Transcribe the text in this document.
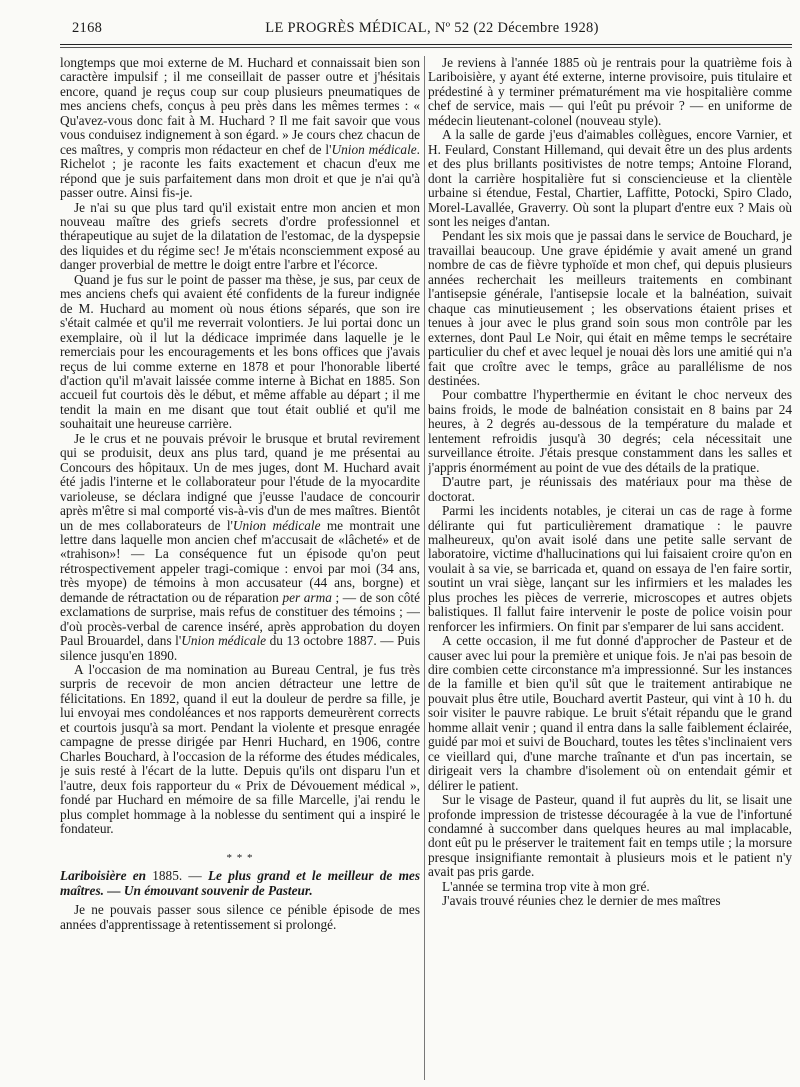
2168	LE PROGRÈS MÉDICAL, Nº 52 (22 Décembre 1928)

longtemps que moi externe de M. Huchard et connaissait bien son caractère impulsif ; il me conseillait de passer outre et j'hésitais encore, quand je reçus coup sur coup plusieurs pneumatiques de mes anciens chefs, conçus à peu près dans les mêmes termes : « Qu'avez-vous donc fait à M. Huchard ? Il me fait savoir que vous vous conduisez indignement à son égard. » Je cours chez chacun de ces maîtres, y compris mon rédacteur en chef de l'Union médicale. Richelot ; je raconte les faits exactement et chacun d'eux me répond que je suis parfaitement dans mon droit et que je n'ai qu'à passer outre. Ainsi fis-je.

Je n'ai su que plus tard qu'il existait entre mon ancien et mon nouveau maître des griefs secrets d'ordre professionnel et thérapeutique au sujet de la dilatation de l'estomac, de la dyspepsie des liquides et du régime sec! Je m'étais nconsciemment exposé au danger proverbial de mettre le doigt entre l'arbre et l'écorce.

Quand je fus sur le point de passer ma thèse, je sus, par ceux de mes anciens chefs qui avaient été confidents de la fureur indignée de M. Huchard au moment où nous étions séparés, que son ire s'était calmée et qu'il me reverrait volontiers. Je lui portai donc un exemplaire, où il lut la dédicace imprimée dans laquelle je le remerciais pour les encouragements et les bons offices que j'avais reçus de lui comme externe en 1878 et pour l'honorable liberté d'action qu'il m'avait laissée comme interne à Bichat en 1885. Son accueil fut courtois dès le début, et même affable au départ ; il me tendit la main en me disant que tout était oublié et qu'il me souhaitait une heureuse carrière.

Je le crus et ne pouvais prévoir le brusque et brutal revirement qui se produisit, deux ans plus tard, quand je me présentai au Concours des hôpitaux. Un de mes juges, dont M. Huchard avait été jadis l'interne et le collaborateur pour l'étude de la myocardite varioleuse, se déclara indigné que j'eusse l'audace de concourir après m'être si mal comporté vis-à-vis d'un de mes maîtres. Bientôt un de mes collaborateurs de l'Union médicale me montrait une lettre dans laquelle mon ancien chef m'accusait de «lâcheté» et de «trahison»! — La conséquence fut un épisode qu'on peut rétrospectivement appeler tragi-comique : envoi par moi (34 ans, très myope) de témoins à mon accusateur (44 ans, borgne) et demande de rétractation ou de réparation per arma ; — de son côté exclamations de surprise, mais refus de constituer des témoins ; — d'où procès-verbal de carence inséré, après approbation du doyen Paul Brouardel, dans l'Union médicale du 13 octobre 1887. — Puis silence jusqu'en 1890.

A l'occasion de ma nomination au Bureau Central, je fus très surpris de recevoir de mon ancien détracteur une lettre de félicitations. En 1892, quand il eut la douleur de perdre sa fille, je lui envoyai mes condoléances et nos rapports demeurèrent corrects et courtois jusqu'à sa mort. Pendant la violente et presque enragée campagne de presse dirigée par Henri Huchard, en 1906, contre Charles Bouchard, à l'occasion de la réforme des études médicales, je suis resté à l'écart de la lutte. Depuis qu'ils ont disparu l'un et l'autre, deux fois rapporteur du « Prix de Dévouement médical », fondé par Huchard en mémoire de sa fille Marcelle, j'ai rendu le plus complet hommage à la noblesse du sentiment qui a inspiré le fondateur.

* * *

Lariboisière en 1885. — Le plus grand et le meilleur de mes maîtres. — Un émouvant souvenir de Pasteur.

Je ne pouvais passer sous silence ce pénible épisode de mes années d'apprentissage à retentissement si prolongé.

Je reviens à l'année 1885 où je rentrais pour la quatrième fois à Lariboisière, y ayant été externe, interne provisoire, puis titulaire et prédestiné à y terminer prématurément ma vie hospitalière comme chef de service, mais — qui l'eût pu prévoir ? — en uniforme de médecin lieutenant-colonel (nouveau style).

A la salle de garde j'eus d'aimables collègues, encore Varnier, et H. Feulard, Constant Hillemand, qui devait être un des plus ardents et des plus brillants positivistes de notre temps; Antoine Florand, dont la carrière hospitalière fut si consciencieuse et la clientèle urbaine si étendue, Festal, Chartier, Laffitte, Potocki, Spiro Clado, Morel-Lavallée, Graverry. Où sont la plupart d'entre eux ? Mais où sont les neiges d'antan.

Pendant les six mois que je passai dans le service de Bouchard, je travaillai beaucoup. Une grave épidémie y avait amené un grand nombre de cas de fièvre typhoïde et mon chef, qui depuis plusieurs années recherchait les meilleurs traitements en combinant l'antisepsie générale, l'antisepsie locale et la balnéation, suivait chaque cas minutieusement ; les observations étaient prises et tenues à jour avec le plus grand soin sous mon contrôle par les externes, dont Paul Le Noir, qui était en même temps le secrétaire particulier du chef et avec lequel je nouai dès lors une amitié qui n'a fait que croître avec le temps, grâce au parallélisme de nos destinées.

Pour combattre l'hyperthermie en évitant le choc nerveux des bains froids, le mode de balnéation consistait en 8 bains par 24 heures, à 2 degrés au-dessous de la température du malade et lentement refroidis jusqu'à 30 degrés; cela nécessitait une surveillance étroite. J'étais presque constamment dans les salles et j'appris énormément au point de vue des détails de la pratique.

D'autre part, je réunissais des matériaux pour ma thèse de doctorat.

Parmi les incidents notables, je citerai un cas de rage à forme délirante qui fut particulièrement dramatique : le pauvre malheureux, qu'on avait isolé dans une petite salle servant de laboratoire, victime d'hallucinations qui lui faisaient croire qu'on en voulait à sa vie, se barricada et, quand on essaya de l'en faire sortir, soutint un vrai siège, lançant sur les infirmiers et les malades les plus proches les pièces de verrerie, microscopes et autres objets balistiques. Il fallut faire intervenir le poste de police voisin pour renforcer les infirmiers. On finit par s'emparer de lui sans accident.

A cette occasion, il me fut donné d'approcher de Pasteur et de causer avec lui pour la première et unique fois. Je n'ai pas besoin de dire combien cette circonstance m'a impressionné. Sur les instances de la famille et bien qu'il sût que le traitement antirabique ne pouvait plus être utile, Bouchard avertit Pasteur, qui vint à 10 h. du soir visiter le pauvre rabique. Le bruit s'était répandu que le grand homme allait venir ; quand il entra dans la salle faiblement éclairée, guidé par moi et suivi de Bouchard, toutes les têtes s'inclinaient vers ce vieillard qui, d'une marche traînante et d'un pas incertain, se dirigeait vers la chambre d'isolement où on entendait gémir et délirer le patient.

Sur le visage de Pasteur, quand il fut auprès du lit, se lisait une profonde impression de tristesse découragée à la vue de l'infortuné condamné à succomber dans quelques heures au mal implacable, dont eût pu le préserver le traitement fait en temps utile ; la morsure presque insignifiante remontait à plusieurs mois et le patient n'y avait pas pris garde.

L'année se termina trop vite à mon gré.

J'avais trouvé réunies chez le dernier de mes maîtres
